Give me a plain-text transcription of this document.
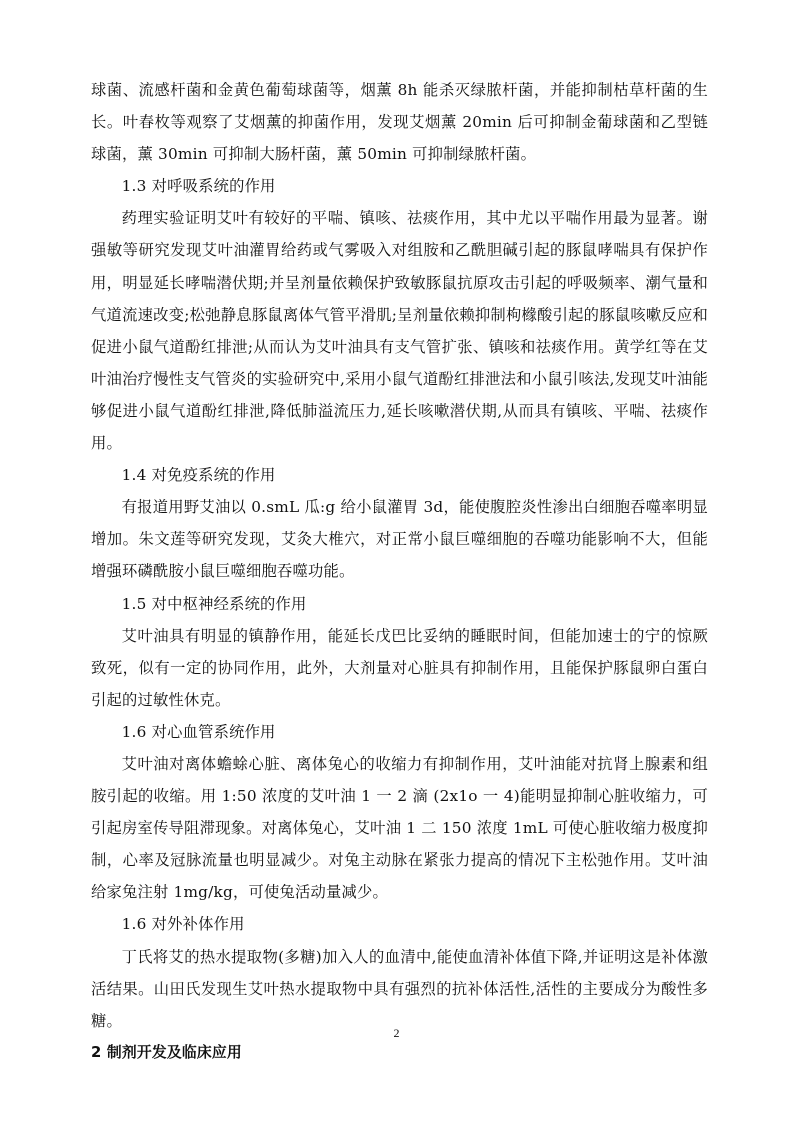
球菌、流感杆菌和金黄色葡萄球菌等，烟薰 8h 能杀灭绿脓杆菌，并能抑制枯草杆菌的生长。叶春枚等观察了艾烟薰的抑菌作用，发现艾烟薰 20min 后可抑制金葡球菌和乙型链球菌，薰 30min 可抑制大肠杆菌，薰 50min 可抑制绿脓杆菌。

1.3 对呼吸系统的作用

药理实验证明艾叶有较好的平喘、镇咳、祛痰作用，其中尤以平喘作用最为显著。谢强敏等研究发现艾叶油灌胃给药或气雾吸入对组胺和乙酰胆碱引起的豚鼠哮喘具有保护作用，明显延长哮喘潜伏期;并呈剂量依赖保护致敏豚鼠抗原攻击引起的呼吸频率、潮气量和气道流速改变;松弛静息豚鼠离体气管平滑肌;呈剂量依赖抑制枸橼酸引起的豚鼠咳嗽反应和促进小鼠气道酚红排泄;从而认为艾叶油具有支气管扩张、镇咳和祛痰作用。黄学红等在艾叶油治疗慢性支气管炎的实验研究中,采用小鼠气道酚红排泄法和小鼠引咳法,发现艾叶油能够促进小鼠气道酚红排泄,降低肺溢流压力,延长咳嗽潜伏期,从而具有镇咳、平喘、祛痰作用。

1.4 对免疫系统的作用

有报道用野艾油以 0.smL 瓜:g 给小鼠灌胃 3d，能使腹腔炎性渗出白细胞吞噬率明显增加。朱文莲等研究发现，艾灸大椎穴，对正常小鼠巨噬细胞的吞噬功能影响不大，但能增强环磷酰胺小鼠巨噬细胞吞噬功能。

1.5 对中枢神经系统的作用

艾叶油具有明显的镇静作用，能延长戊巴比妥纳的睡眠时间，但能加速士的宁的惊厥致死，似有一定的协同作用，此外，大剂量对心脏具有抑制作用，且能保护豚鼠卵白蛋白引起的过敏性休克。

1.6 对心血管系统作用

艾叶油对离体蟾蜍心脏、离体兔心的收缩力有抑制作用，艾叶油能对抗肾上腺素和组胺引起的收缩。用 1:50 浓度的艾叶油 1 一 2 滴 (2x1o 一 4)能明显抑制心脏收缩力，可引起房室传导阻滞现象。对离体兔心，艾叶油 1 二 150 浓度 1mL 可使心脏收缩力极度抑制，心率及冠脉流量也明显减少。对兔主动脉在紧张力提高的情况下主松弛作用。艾叶油给家兔注射 1mg/kg，可使兔活动量减少。

1.6 对外补体作用

丁氏将艾的热水提取物(多糖)加入人的血清中,能使血清补体值下降,并证明这是补体激活结果。山田氏发现生艾叶热水提取物中具有强烈的抗补体活性,活性的主要成分为酸性多糖。

2 制剂开发及临床应用
2
